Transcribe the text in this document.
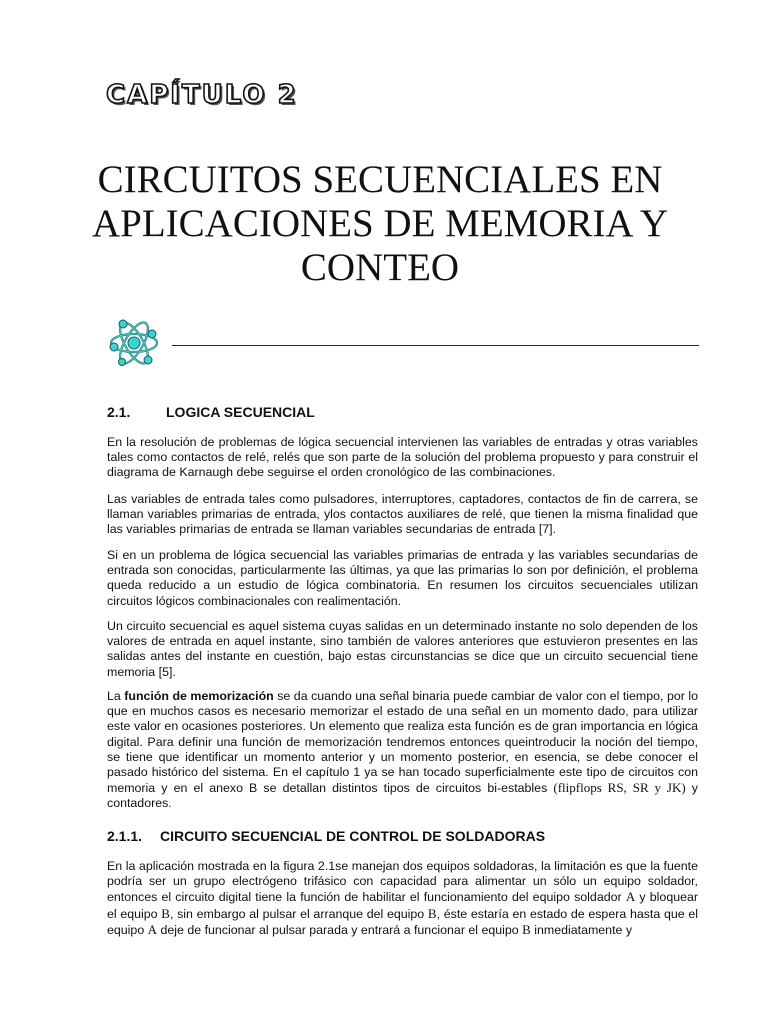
CAPÍTULO 2
CIRCUITOS SECUENCIALES EN
APLICACIONES DE MEMORIA Y
CONTEO
2.1.	LOGICA SECUENCIAL
En la resolución de problemas de lógica secuencial intervienen las variables de entradas y otras variables tales como contactos de relé, relés que son parte de la solución del problema propuesto y para construir el diagrama de Karnaugh debe seguirse el orden cronológico de las combinaciones.
Las variables de entrada tales como pulsadores, interruptores, captadores, contactos de fin de carrera, se llaman variables primarias de entrada, ylos contactos auxiliares de relé, que tienen la misma finalidad que las variables primarias de entrada se llaman variables secundarias de entrada [7].
Si en un problema de lógica secuencial las variables primarias de entrada y las variables secundarias de entrada son conocidas, particularmente las últimas, ya que las primarias lo son por definición, el problema queda reducido a un estudio de lógica combinatoria. En resumen los circuitos secuenciales utilizan circuitos lógicos combinacionales con realimentación.
Un circuito secuencial es aquel sistema cuyas salidas en un determinado instante no solo dependen de los valores de entrada en aquel instante, sino también de valores anteriores que estuvieron presentes en las salidas antes del instante en cuestión, bajo estas circunstancias se dice que un circuito secuencial tiene memoria [5].
La función de memorización se da cuando una señal binaria puede cambiar de valor con el tiempo, por lo que en muchos casos es necesario memorizar el estado de una señal en un momento dado, para utilizar este valor en ocasiones posteriores. Un elemento que realiza esta función es de gran importancia en lógica digital. Para definir una función de memorización tendremos entonces queintroducir la noción del tiempo, se tiene que identificar un momento anterior y un momento posterior, en esencia, se debe conocer el pasado histórico del sistema. En el capítulo 1 ya se han tocado superficialmente este tipo de circuitos con memoria y en el anexo B se detallan distintos tipos de circuitos bi-estables (flipflops RS, SR y JK) y contadores.
2.1.1. CIRCUITO SECUENCIAL DE CONTROL DE SOLDADORAS
En la aplicación mostrada en la figura 2.1se manejan dos equipos soldadoras, la limitación es que la fuente podría ser un grupo electrógeno trifásico con capacidad para alimentar un sólo un equipo soldador, entonces el circuito digital tiene la función de habilitar el funcionamiento del equipo soldador A y bloquear el equipo B, sin embargo al pulsar el arranque del equipo B, éste estaría en estado de espera hasta que el equipo A deje de funcionar al pulsar parada y entrará a funcionar el equipo B inmediatamente y
